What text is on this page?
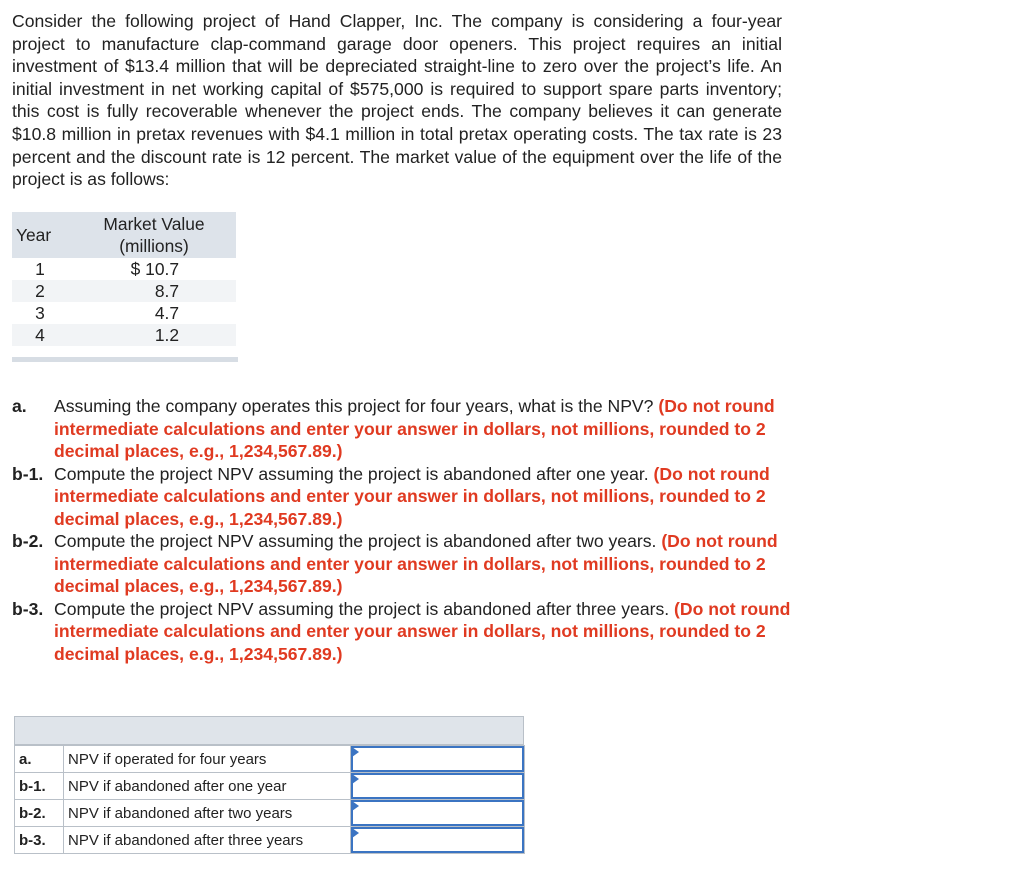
Consider the following project of Hand Clapper, Inc. The company is considering a four-year project to manufacture clap-command garage door openers. This project requires an initial investment of $13.4 million that will be depreciated straight-line to zero over the project’s life. An initial investment in net working capital of $575,000 is required to support spare parts inventory; this cost is fully recoverable whenever the project ends. The company believes it can generate $10.8 million in pretax revenues with $4.1 million in total pretax operating costs. The tax rate is 23 percent and the discount rate is 12 percent. The market value of the equipment over the life of the project is as follows:

Year	Market Value
(millions)

1	$ 10.7
2	8.7
3	4.7
4	1.2
a.	Assuming the company operates this project for four years, what is the NPV? (Do not round intermediate calculations and enter your answer in dollars, not millions, rounded to 2 decimal places, e.g., 1,234,567.89.)
b-1. Compute the project NPV assuming the project is abandoned after one year. (Do not round intermediate calculations and enter your answer in dollars, not millions, rounded to 2 decimal places, e.g., 1,234,567.89.)
b-2. Compute the project NPV assuming the project is abandoned after two years. (Do not round intermediate calculations and enter your answer in dollars, not millions, rounded to 2 decimal places, e.g., 1,234,567.89.)
b-3. Compute the project NPV assuming the project is abandoned after three years. (Do not round intermediate calculations and enter your answer in dollars, not millions, rounded to 2 decimal places, e.g., 1,234,567.89.)
a.	NPV if operated for four years	

b-1.	NPV if abandoned after one year	

b-2.	NPV if abandoned after two years	

b-3.	NPV if abandoned after three years	
